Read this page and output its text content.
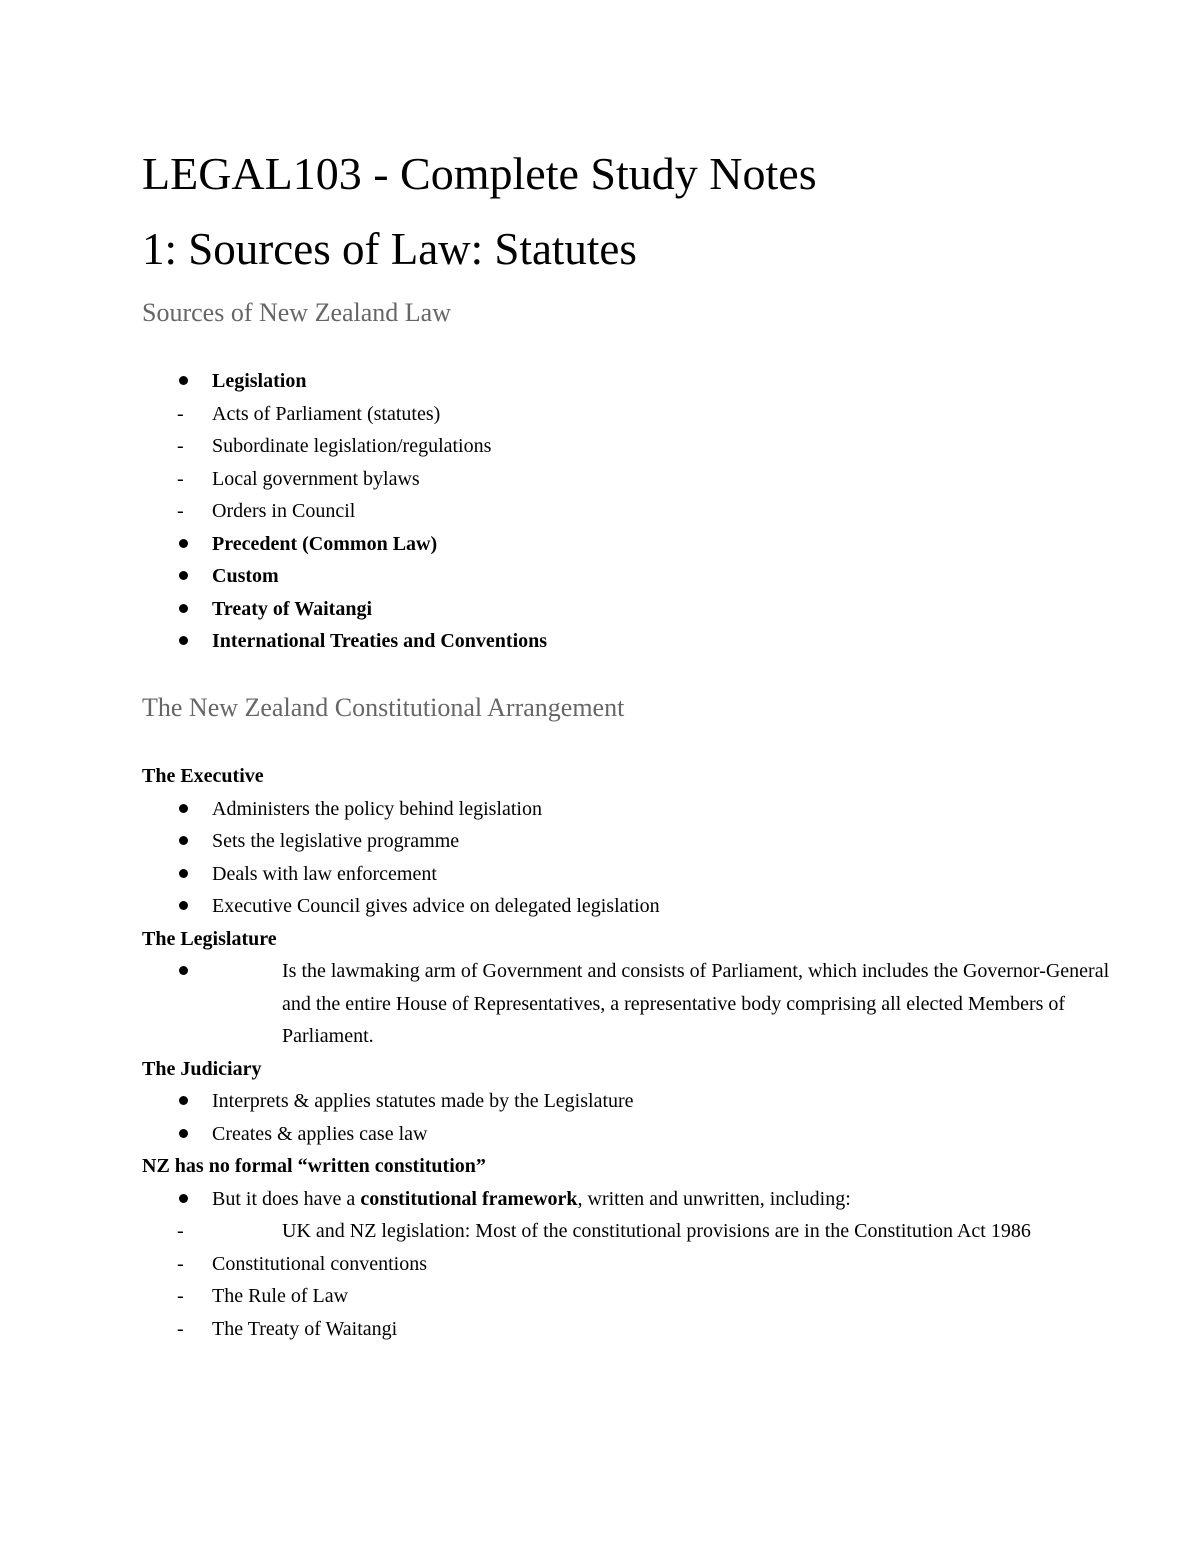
LEGAL103 - Complete Study Notes
1: Sources of Law: Statutes
Sources of New Zealand Law
Legislation
- Acts of Parliament (statutes)
- Subordinate legislation/regulations
- Local government bylaws
- Orders in Council
Precedent (Common Law)
Custom
Treaty of Waitangi
International Treaties and Conventions
The New Zealand Constitutional Arrangement
The Executive
Administers the policy behind legislation
Sets the legislative programme
Deals with law enforcement
Executive Council gives advice on delegated legislation
The Legislature
Is the lawmaking arm of Government and consists of Parliament, which includes the Governor-General and the entire House of Representatives, a representative body comprising all elected Members of Parliament.
The Judiciary
Interprets & applies statutes made by the Legislature
Creates & applies case law
NZ has no formal “written constitution”
But it does have a constitutional framework, written and unwritten, including:
-	UK and NZ legislation: Most of the constitutional provisions are in the Constitution Act 1986
- Constitutional conventions
- The Rule of Law
- The Treaty of Waitangi
